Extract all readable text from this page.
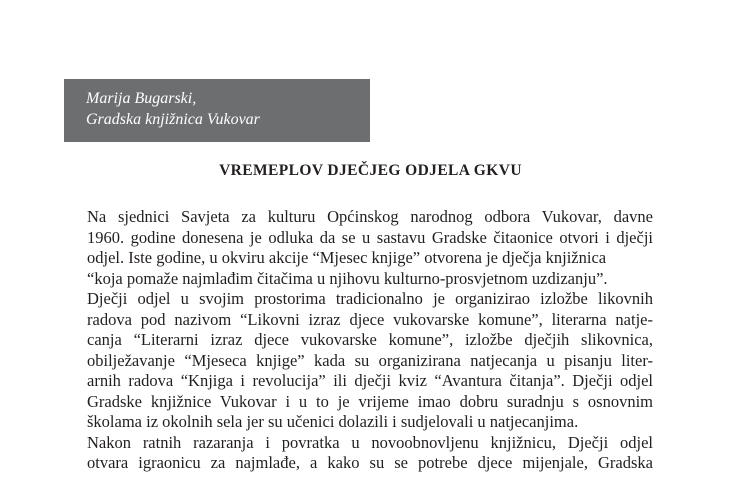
Marija Bugarski,
Gradska knjižnica Vukovar
VREMEPLOV DJEČJEG ODJELA GKVU
Na sjednici Savjeta za kulturu Općinskog narodnog odbora Vukovar, davne
1960. godine donesena je odluka da se u sastavu Gradske čitaonice otvori i dječji
odjel. Iste godine, u okviru akcije “Mjesec knjige” otvorena je dječja knjižnica
“koja pomaže najmlađim čitačima u njihovu kulturno-prosvjetnom uzdizanju”.
Dječji odjel u svojim prostorima tradicionalno je organizirao izložbe likovnih
radova pod nazivom “Likovni izraz djece vukovarske komune”, literarna natje-
canja “Literarni izraz djece vukovarske komune”, izložbe dječjih slikovnica,
obilježavanje “Mjeseca knjige” kada su organizirana natjecanja u pisanju liter-
arnih radova “Knjiga i revolucija” ili dječji kviz “Avantura čitanja”. Dječji odjel
Gradske knjižnice Vukovar i u to je vrijeme imao dobru suradnju s osnovnim
školama iz okolnih sela jer su učenici dolazili i sudjelovali u natjecanjima.
Nakon ratnih razaranja i povratka u novoobnovljenu knjižnicu, Dječji odjel
otvara igraonicu za najmlađe, a kako su se potrebe djece mijenjale, Gradska
